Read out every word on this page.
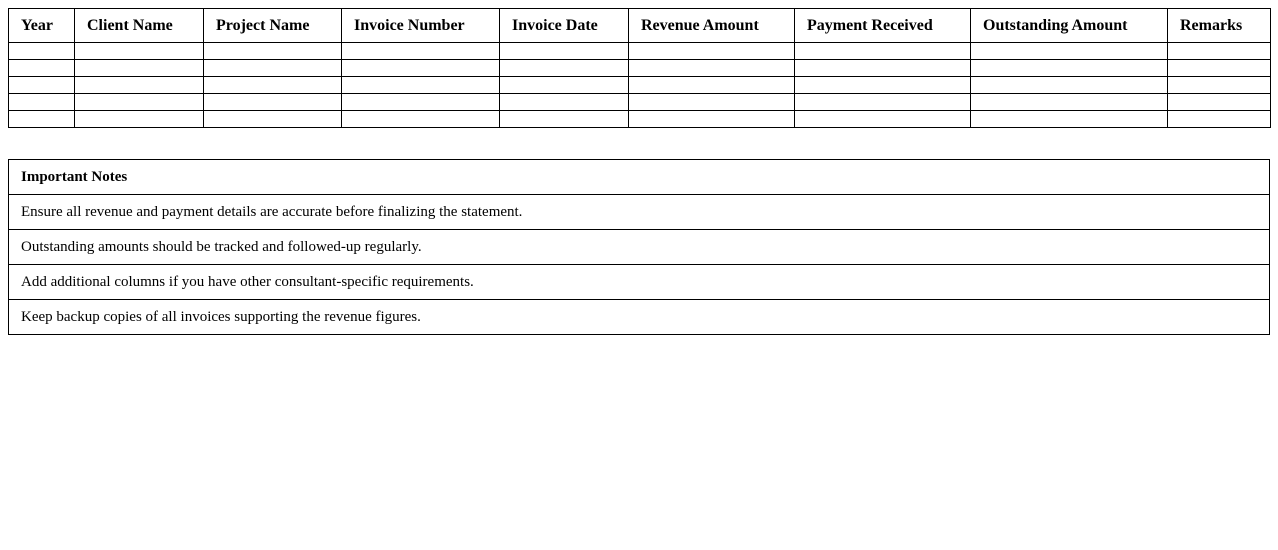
Year	Client Name	Project Name	Invoice Number	Invoice Date	Revenue Amount	Payment Received	Outstanding Amount	Remarks

Important Notes
Ensure all revenue and payment details are accurate before finalizing the statement.
Outstanding amounts should be tracked and followed-up regularly.
Add additional columns if you have other consultant-specific requirements.
Keep backup copies of all invoices supporting the revenue figures.
